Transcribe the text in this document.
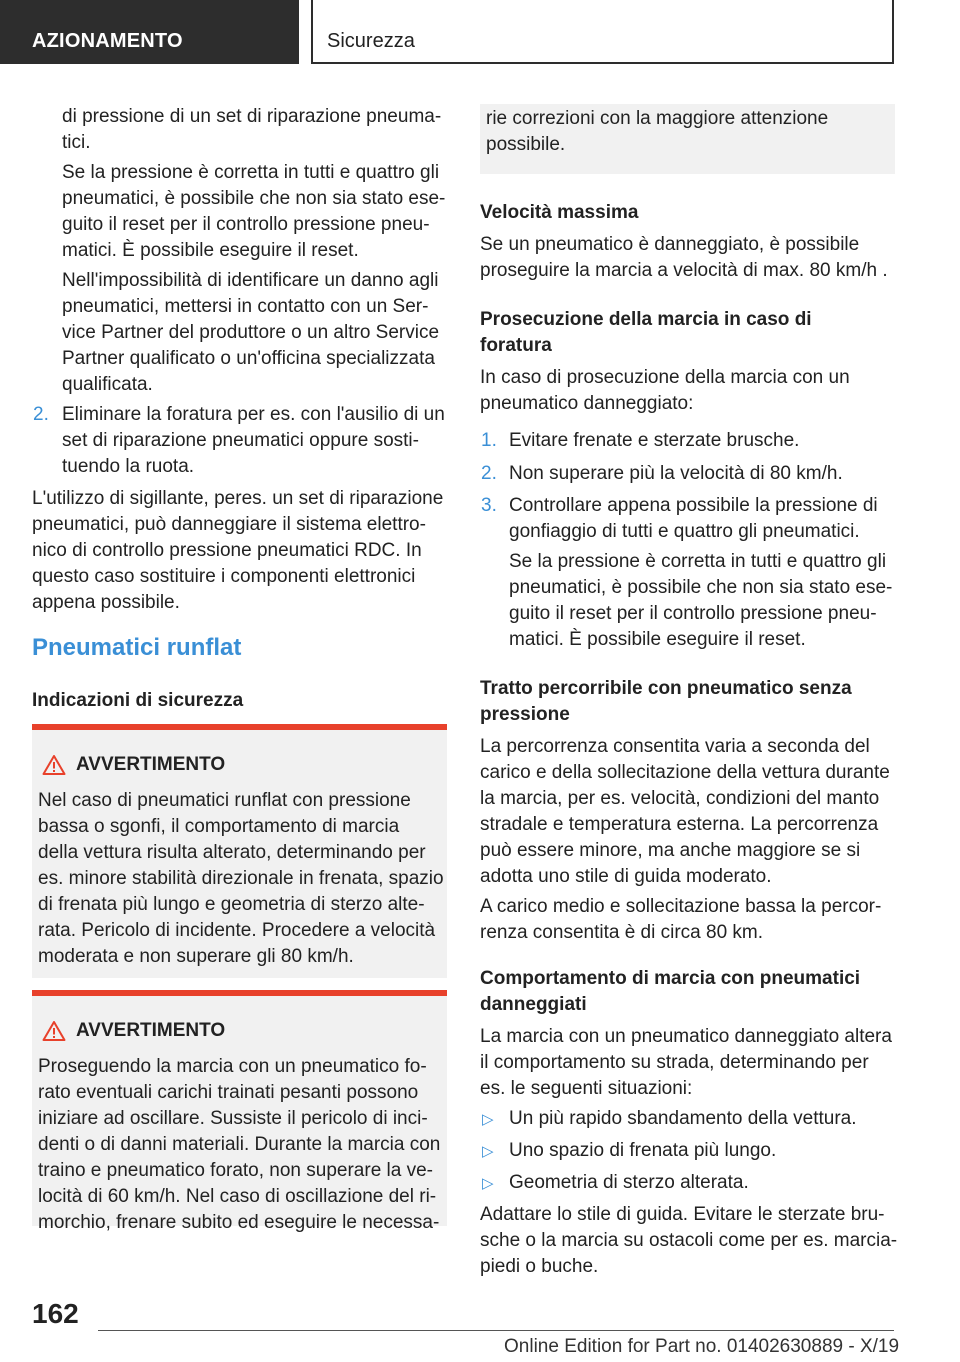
AZIONAMENTO	Sicurezza
di pressione di un set di riparazione pneuma-
tici.
Se la pressione è corretta in tutti e quattro gli
pneumatici, è possibile che non sia stato ese-
guito il reset per il controllo pressione pneu-
matici. È possibile eseguire il reset.
Nell'impossibilità di identificare un danno agli
pneumatici, mettersi in contatto con un Ser-
vice Partner del produttore o un altro Service
Partner qualificato o un'officina specializzata
qualificata.
2. Eliminare la foratura per es. con l'ausilio di un
set di riparazione pneumatici oppure sosti-
tuendo la ruota.
L'utilizzo di sigillante, peres. un set di riparazione
pneumatici, può danneggiare il sistema elettro-
nico di controllo pressione pneumatici RDC. In
questo caso sostituire i componenti elettronici
appena possibile.
Pneumatici runflat
Indicazioni di sicurezza
AVVERTIMENTO
Nel caso di pneumatici runflat con pressione
bassa o sgonfi, il comportamento di marcia
della vettura risulta alterato, determinando per
es. minore stabilità direzionale in frenata, spazio
di frenata più lungo e geometria di sterzo alte-
rata. Pericolo di incidente. Procedere a velocità
moderata e non superare gli 80 km/h.
AVVERTIMENTO
Proseguendo la marcia con un pneumatico fo-
rato eventuali carichi trainati pesanti possono
iniziare ad oscillare. Sussiste il pericolo di inci-
denti o di danni materiali. Durante la marcia con
traino e pneumatico forato, non superare la ve-
locità di 60 km/h. Nel caso di oscillazione del ri-
morchio, frenare subito ed eseguire le necessa-
rie correzioni con la maggiore attenzione
possibile.
Velocità massima
Se un pneumatico è danneggiato, è possibile
proseguire la marcia a velocità di max. 80 km/h .
Prosecuzione della marcia in caso di
foratura
In caso di prosecuzione della marcia con un
pneumatico danneggiato:
1. Evitare frenate e sterzate brusche.
2. Non superare più la velocità di 80 km/h.
3. Controllare appena possibile la pressione di
gonfiaggio di tutti e quattro gli pneumatici.
Se la pressione è corretta in tutti e quattro gli
pneumatici, è possibile che non sia stato ese-
guito il reset per il controllo pressione pneu-
matici. È possibile eseguire il reset.
Tratto percorribile con pneumatico senza
pressione
La percorrenza consentita varia a seconda del
carico e della sollecitazione della vettura durante
la marcia, per es. velocità, condizioni del manto
stradale e temperatura esterna. La percorrenza
può essere minore, ma anche maggiore se si
adotta uno stile di guida moderato.
A carico medio e sollecitazione bassa la percor-
renza consentita è di circa 80 km.
Comportamento di marcia con pneumatici
danneggiati
La marcia con un pneumatico danneggiato altera
il comportamento su strada, determinando per
es. le seguenti situazioni:
▷ Un più rapido sbandamento della vettura.
▷ Uno spazio di frenata più lungo.
▷ Geometria di sterzo alterata.
Adattare lo stile di guida. Evitare le sterzate bru-
sche o la marcia su ostacoli come per es. marcia-
piedi o buche.
162
Online Edition for Part no. 01402630889 - X/19
